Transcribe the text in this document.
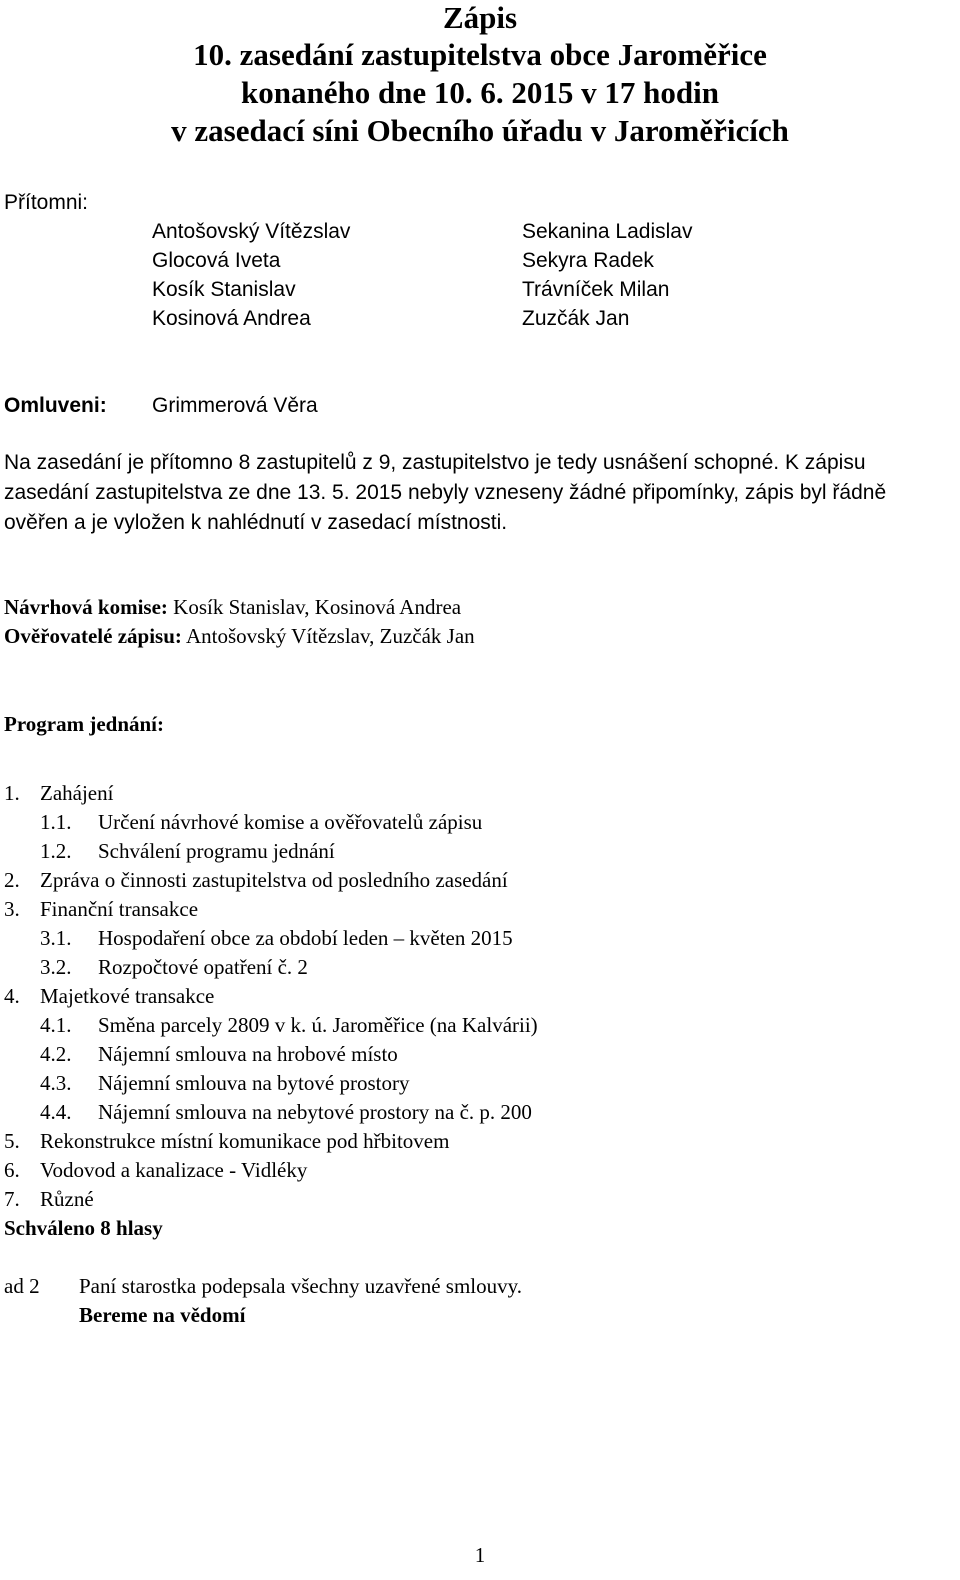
Zápis
10. zasedání zastupitelstva obce Jaroměřice
konaného dne 10. 6. 2015 v 17 hodin
v zasedací síni Obecního úřadu v Jaroměřicích
Přítomni:
Antošovský Vítězslav
Glocová Iveta
Kosík Stanislav
Kosinová Andrea
Sekanina Ladislav
Sekyra Radek
Trávníček Milan
Zuzčák Jan
Omluveni: Grimmerová Věra
Na zasedání je přítomno 8 zastupitelů z 9, zastupitelstvo je tedy usnášení schopné. K zápisu
zasedání zastupitelstva ze dne 13. 5. 2015 nebyly vzneseny žádné připomínky, zápis byl řádně
ověřen a je vyložen k nahlédnutí v zasedací místnosti.
Návrhová komise: Kosík Stanislav, Kosinová Andrea
Ověřovatelé zápisu: Antošovský Vítězslav, Zuzčák Jan
Program jednání:
1. Zahájení
1.1. Určení návrhové komise a ověřovatelů zápisu
1.2. Schválení programu jednání
2. Zpráva o činnosti zastupitelstva od posledního zasedání
3. Finanční transakce
3.1. Hospodaření obce za období leden – květen 2015
3.2. Rozpočtové opatření č. 2
4. Majetkové transakce
4.1. Směna parcely 2809 v k. ú. Jaroměřice (na Kalvárii)
4.2. Nájemní smlouva na hrobové místo
4.3. Nájemní smlouva na bytové prostory
4.4. Nájemní smlouva na nebytové prostory na č. p. 200
5. Rekonstrukce místní komunikace pod hřbitovem
6. Vodovod a kanalizace - Vidléky
7. Různé
Schváleno 8 hlasy
ad 2 Paní starostka podepsala všechny uzavřené smlouvy.
Bereme na vědomí
1
